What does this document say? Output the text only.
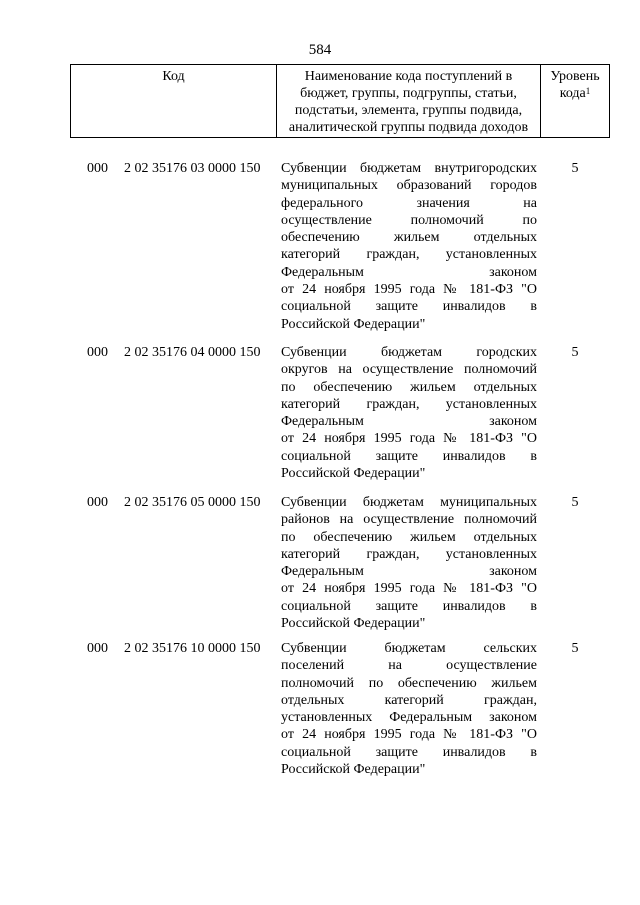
584
Код	Наименование кода поступлений в
бюджет, группы, подгруппы, статьи,
подстатьи, элемента, группы подвида,
аналитической группы подвида доходов
Уровень
кода$^1$
000 2 02 35176 03 0000 150 Субвенции бюджетам внутригородских
муниципальных образований городов
федерального значения на
осуществление полномочий по
обеспечению жильем отдельных
категорий граждан, установленных
Федеральным законом
от 24 ноября 1995 года № 181-ФЗ "О
социальной защите инвалидов в
Российской Федерации"
5
000 2 02 35176 04 0000 150 Субвенции бюджетам городских
округов на осуществление полномочий
по обеспечению жильем отдельных
категорий граждан, установленных
Федеральным законом
от 24 ноября 1995 года № 181-ФЗ "О
социальной защите инвалидов в
Российской Федерации"
5
000 2 02 35176 05 0000 150 Субвенции бюджетам муниципальных
районов на осуществление полномочий
по обеспечению жильем отдельных
категорий граждан, установленных
Федеральным законом
от 24 ноября 1995 года № 181-ФЗ "О
социальной защите инвалидов в
Российской Федерации"
5
000 2 02 35176 10 0000 150 Субвенции бюджетам сельских
поселений на осуществление
полномочий по обеспечению жильем
отдельных категорий граждан,
установленных Федеральным законом
от 24 ноября 1995 года № 181-ФЗ "О
социальной защите инвалидов в
Российской Федерации"
5
